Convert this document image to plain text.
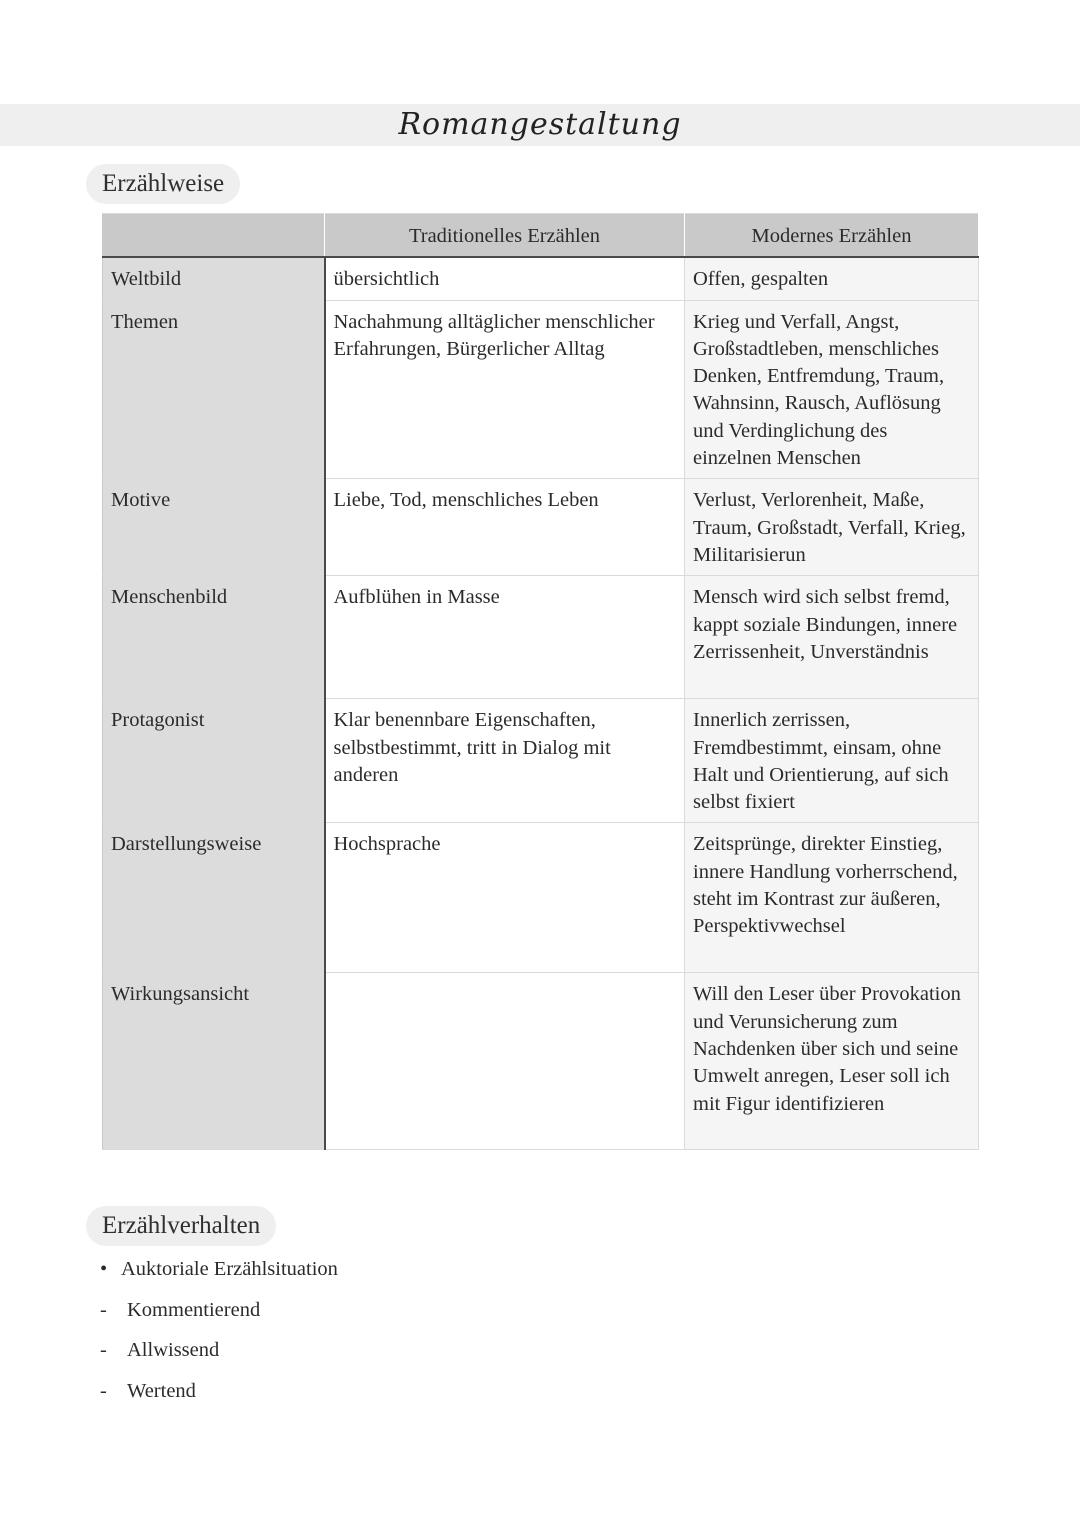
Romangestaltung
Erzählweise
	Traditionelles Erzählen	Modernes Erzählen
Weltbild	übersichtlich	Offen, gespalten
Themen	Nachahmung alltäglicher menschlicher Erfahrungen, Bürgerlicher Alltag	Krieg und Verfall, Angst, Großstadtleben, menschliches Denken, Entfremdung, Traum, Wahnsinn, Rausch, Auflösung und Verdinglichung des einzelnen Menschen
Motive	Liebe, Tod, menschliches Leben	Verlust, Verlorenheit, Maße, Traum, Großstadt, Verfall, Krieg, Militarisierun
Menschenbild	Aufblühen in Masse	Mensch wird sich selbst fremd, kappt soziale Bindungen, innere Zerrissenheit, Unverständnis
Protagonist	Klar benennbare Eigenschaften, selbstbestimmt, tritt in Dialog mit anderen	Innerlich zerrissen, Fremdbestimmt, einsam, ohne Halt und Orientierung, auf sich selbst fixiert
Darstellungsweise	Hochsprache	Zeitsprünge, direkter Einstieg, innere Handlung vorherrschend, steht im Kontrast zur äußeren, Perspektivwechsel
Wirkungsansicht		Will den Leser über Provokation und Verunsicherung zum Nachdenken über sich und seine Umwelt anregen, Leser soll ich mit Figur identifizieren
Erzählverhalten
• Auktoriale Erzählsituation
- Kommentierend
- Allwissend
- Wertend
